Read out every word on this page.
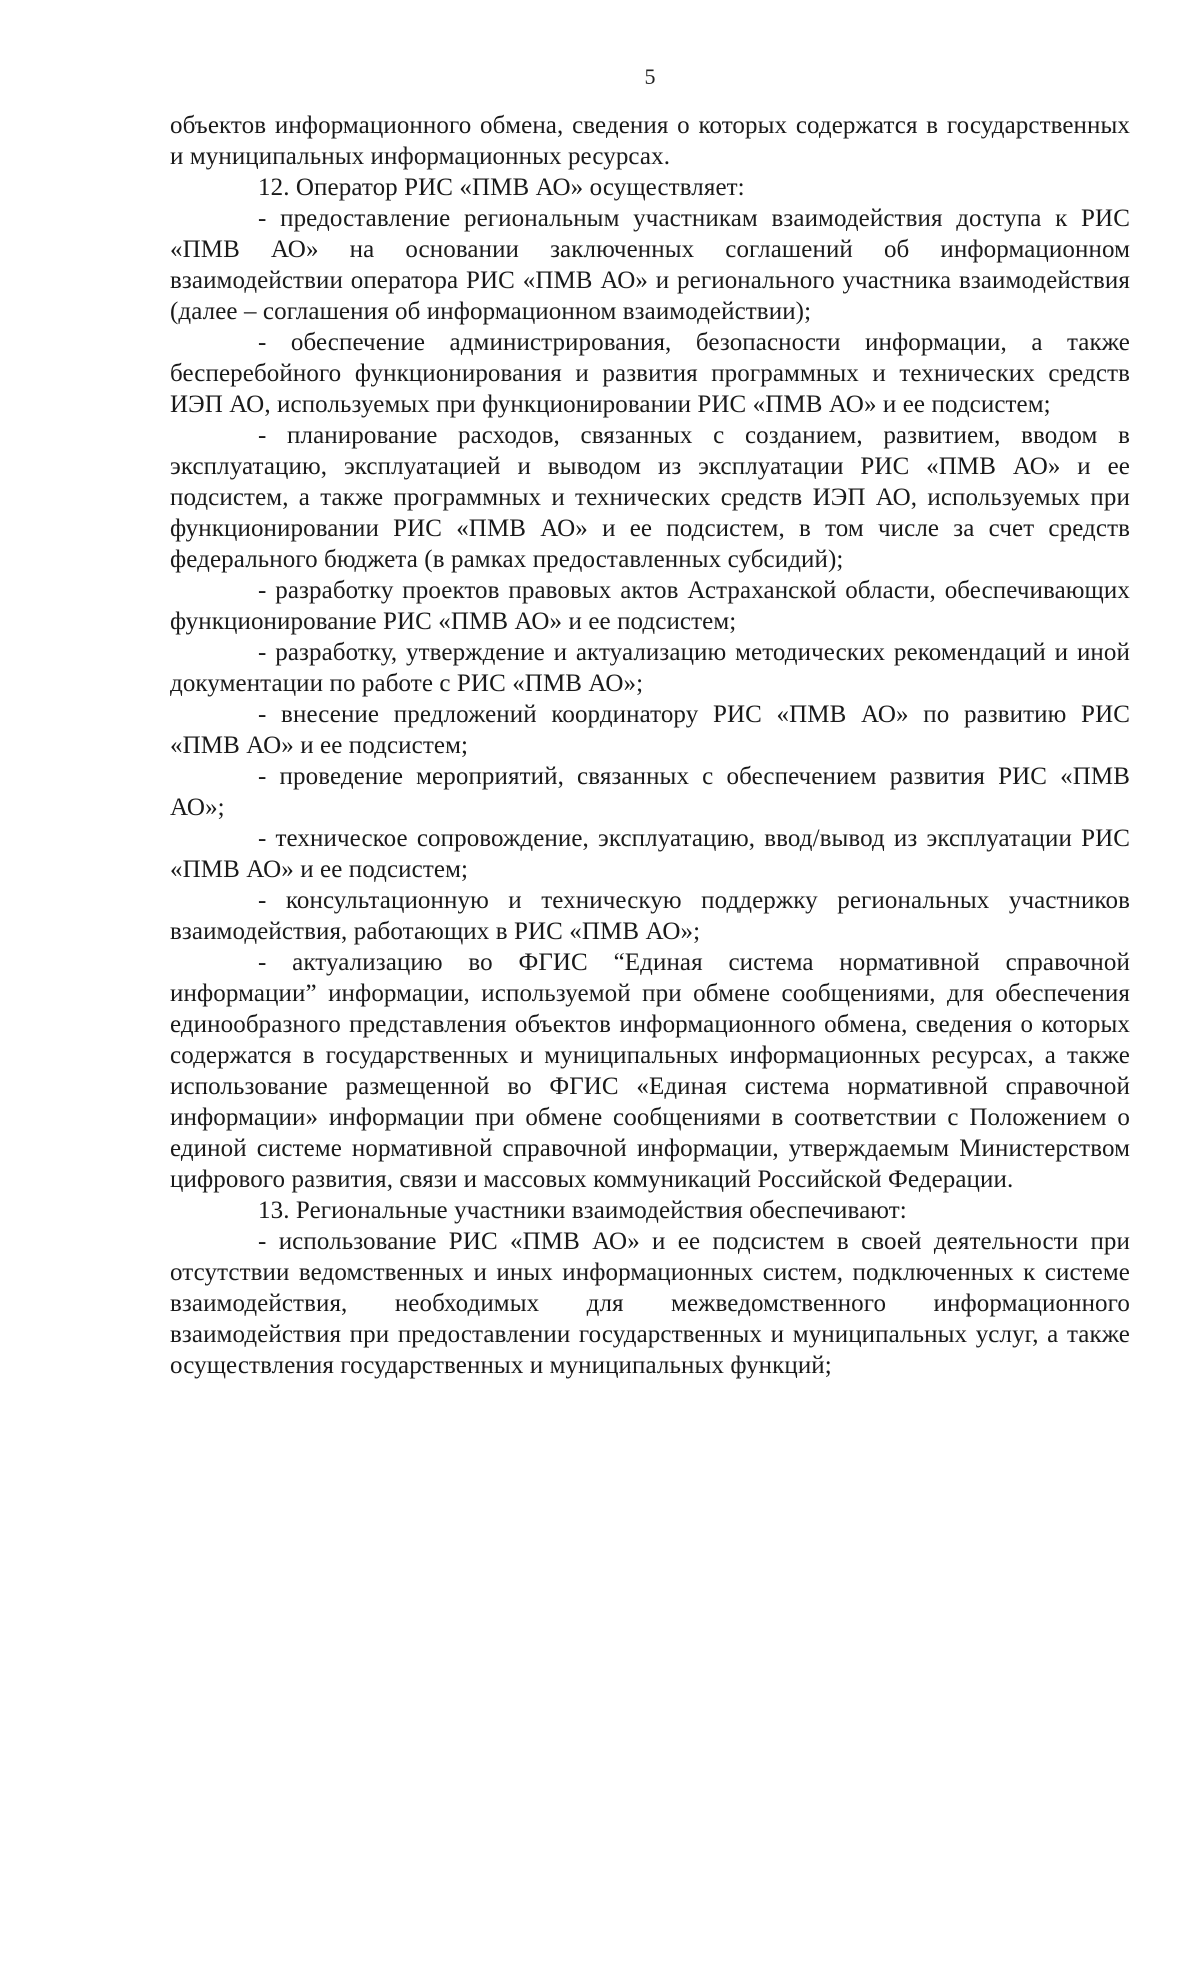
5

объектов информационного обмена, сведения о которых содержатся в государственных и муниципальных информационных ресурсах.

12. Оператор РИС «ПМВ АО» осуществляет:

- предоставление региональным участникам взаимодействия доступа к РИС «ПМВ АО» на основании заключенных соглашений об информационном взаимодействии оператора РИС «ПМВ АО» и регионального участника взаимодействия (далее – соглашения об информационном взаимодействии);

- обеспечение администрирования, безопасности информации, а также бесперебойного функционирования и развития программных и технических средств ИЭП АО, используемых при функционировании РИС «ПМВ АО» и ее подсистем;

- планирование расходов, связанных с созданием, развитием, вводом в эксплуатацию, эксплуатацией и выводом из эксплуатации РИС «ПМВ АО» и ее подсистем, а также программных и технических средств ИЭП АО, используемых при функционировании РИС «ПМВ АО» и ее подсистем, в том числе за счет средств федерального бюджета (в рамках предоставленных субсидий);

- разработку проектов правовых актов Астраханской области, обеспечивающих функционирование РИС «ПМВ АО» и ее подсистем;

- разработку, утверждение и актуализацию методических рекомендаций и иной документации по работе с РИС «ПМВ АО»;

- внесение предложений координатору РИС «ПМВ АО» по развитию РИС «ПМВ АО» и ее подсистем;

- проведение мероприятий, связанных с обеспечением развития РИС «ПМВ АО»;

- техническое сопровождение, эксплуатацию, ввод/вывод из эксплуатации РИС «ПМВ АО» и ее подсистем;

- консультационную и техническую поддержку региональных участников взаимодействия, работающих в РИС «ПМВ АО»;

- актуализацию во ФГИС “Единая система нормативной справочной информации” информации, используемой при обмене сообщениями, для обеспечения единообразного представления объектов информационного обмена, сведения о которых содержатся в государственных и муниципальных информационных ресурсах, а также использование размещенной во ФГИС «Единая система нормативной справочной информации» информации при обмене сообщениями в соответствии с Положением о единой системе нормативной справочной информации, утверждаемым Министерством цифрового развития, связи и массовых коммуникаций Российской Федерации.

13. Региональные участники взаимодействия обеспечивают:

- использование РИС «ПМВ АО» и ее подсистем в своей деятельности при отсутствии ведомственных и иных информационных систем, подключенных к системе взаимодействия, необходимых для межведомственного информационного взаимодействия при предоставлении государственных и муниципальных услуг, а также осуществления государственных и муниципальных функций;
